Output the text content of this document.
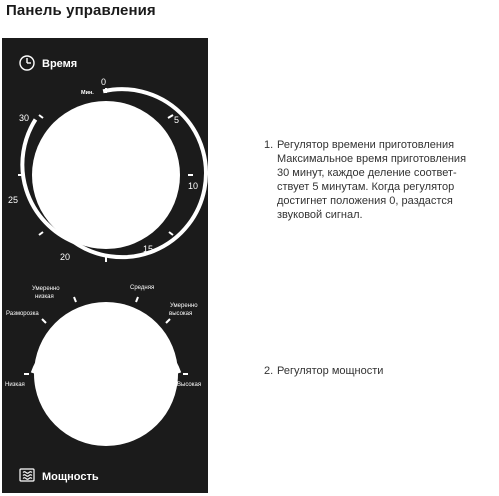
Панель управления
Время
0
Мин.
5
10
15
20
25
30
Низкая
Разморозка
Умеренно
низкая
Средняя
Умеренно
высокая
Высокая
Мощность

1. Регулятор времени приготовления

Максимальное время приготовления
30 минут, каждое деление соответ-
ствует 5 минутам. Когда регулятор
достигнет положения 0, раздастся
звуковой сигнал.

2. Регулятор мощности
